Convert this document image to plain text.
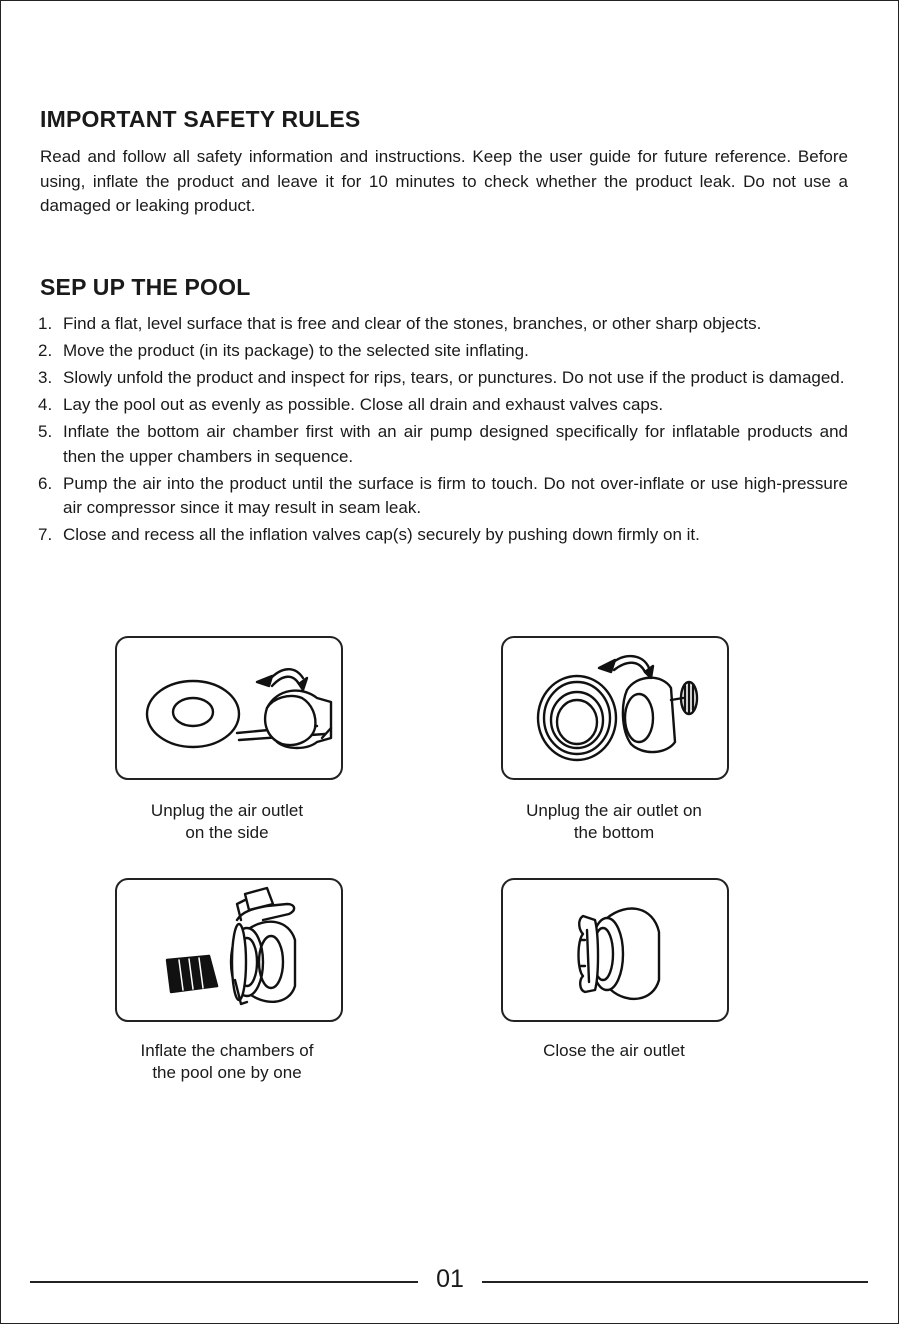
IMPORTANT SAFETY RULES
Read and follow all safety information and instructions. Keep the user guide for future reference. Before using, inflate the product and leave it for 10 minutes to check whether the product leak. Do not use a damaged or leaking product.
SEP UP THE POOL
1. Find a flat, level surface that is free and clear of the stones, branches, or other sharp objects.
2. Move the product (in its package) to the selected site inflating.
3. Slowly unfold the product and inspect for rips, tears, or punctures. Do not use if the product is damaged.
4. Lay the pool out as evenly as possible. Close all drain and exhaust valves caps.
5. Inflate the bottom air chamber first with an air pump designed specifically for inflatable products and then the upper chambers in sequence.
6. Pump the air into the product until the surface is firm to touch. Do not over-inflate or use high-pressure air compressor since it may result in seam leak.
7. Close and recess all the inflation valves cap(s) securely by pushing down firmly on it.
Unplug the air outlet
on the side
Unplug the air outlet on
the bottom
Inflate the chambers of
the pool one by one
Close the air outlet
01
